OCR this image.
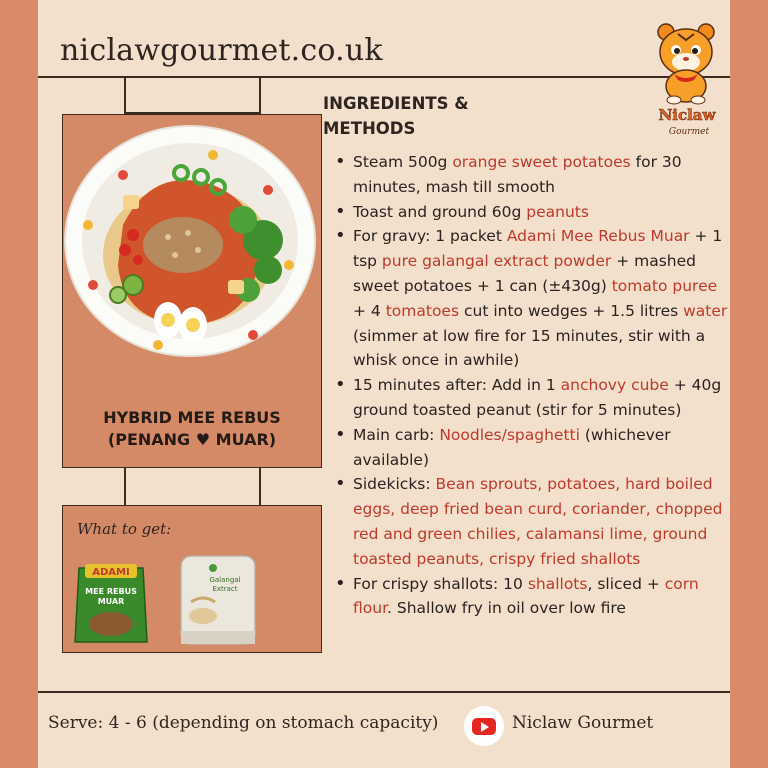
niclawgourmet.co.uk
Niclaw
Gourmet
INGREDIENTS &
METHODS
HYBRID MEE REBUS
(PENANG ♥ MUAR)
What to get:
ADAMI
MEE REBUS
MUAR
Galangal
Extract
• Steam 500g orange sweet potatoes for 30 minutes, mash till smooth
• Toast and ground 60g peanuts
• For gravy: 1 packet Adami Mee Rebus Muar + 1 tsp pure galangal extract powder + mashed sweet potatoes + 1 can (±430g) tomato puree + 4 tomatoes cut into wedges + 1.5 litres water (simmer at low fire for 15 minutes, stir with a whisk once in awhile)
• 15 minutes after: Add in 1 anchovy cube + 40g ground toasted peanut (stir for 5 minutes)
• Main carb: Noodles/spaghetti (whichever available)
• Sidekicks: Bean sprouts, potatoes, hard boiled eggs, deep fried bean curd, coriander, chopped red and green chilies, calamansi lime, ground toasted peanuts, crispy fried shallots
• For crispy shallots: 10 shallots, sliced + corn flour. Shallow fry in oil over low fire
Serve: 4 - 6 (depending on stomach capacity)	Niclaw Gourmet
